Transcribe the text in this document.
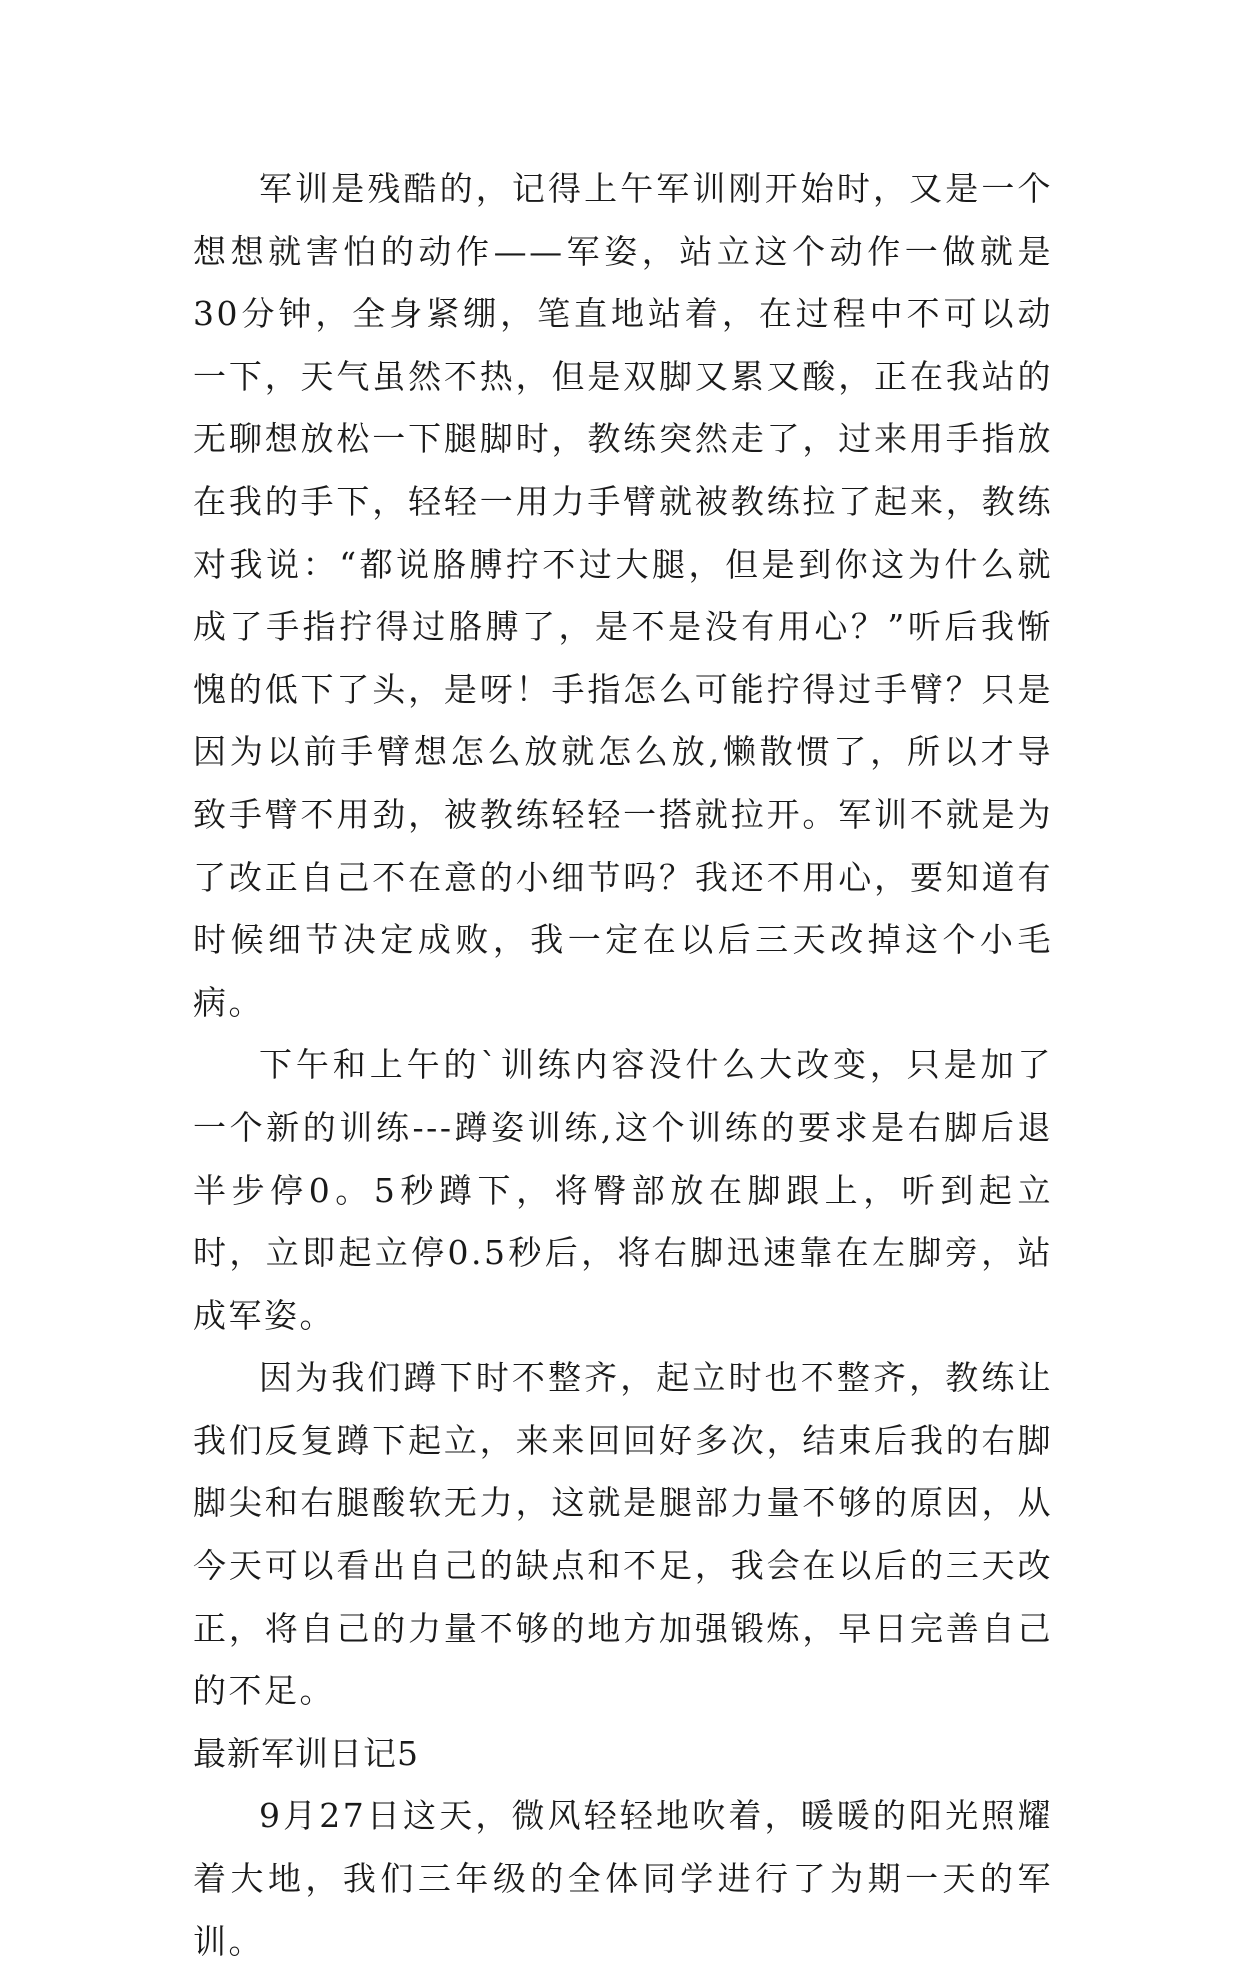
军训是残酷的，记得上午军训刚开始时，又是一个想想就害怕的动作——军姿，站立这个动作一做就是30分钟，全身紧绷，笔直地站着，在过程中不可以动一下，天气虽然不热，但是双脚又累又酸，正在我站的无聊想放松一下腿脚时，教练突然走了，过来用手指放在我的手下，轻轻一用力手臂就被教练拉了起来，教练对我说：“都说胳膊拧不过大腿，但是到你这为什么就成了手指拧得过胳膊了，是不是没有用心？”听后我惭愧的低下了头，是呀！手指怎么可能拧得过手臂？只是因为以前手臂想怎么放就怎么放,懒散惯了，所以才导致手臂不用劲，被教练轻轻一搭就拉开。军训不就是为了改正自己不在意的小细节吗？我还不用心，要知道有时候细节决定成败，我一定在以后三天改掉这个小毛病。

下午和上午的`训练内容没什么大改变，只是加了一个新的训练---蹲姿训练,这个训练的要求是右脚后退半步停0。5秒蹲下，将臀部放在脚跟上，听到起立时，立即起立停0.5秒后，将右脚迅速靠在左脚旁，站成军姿。

因为我们蹲下时不整齐，起立时也不整齐，教练让我们反复蹲下起立，来来回回好多次，结束后我的右脚脚尖和右腿酸软无力，这就是腿部力量不够的原因，从今天可以看出自己的缺点和不足，我会在以后的三天改正，将自己的力量不够的地方加强锻炼，早日完善自己的不足。

最新军训日记5

9月27日这天，微风轻轻地吹着，暖暖的阳光照耀着大地，我们三年级的全体同学进行了为期一天的军训。
